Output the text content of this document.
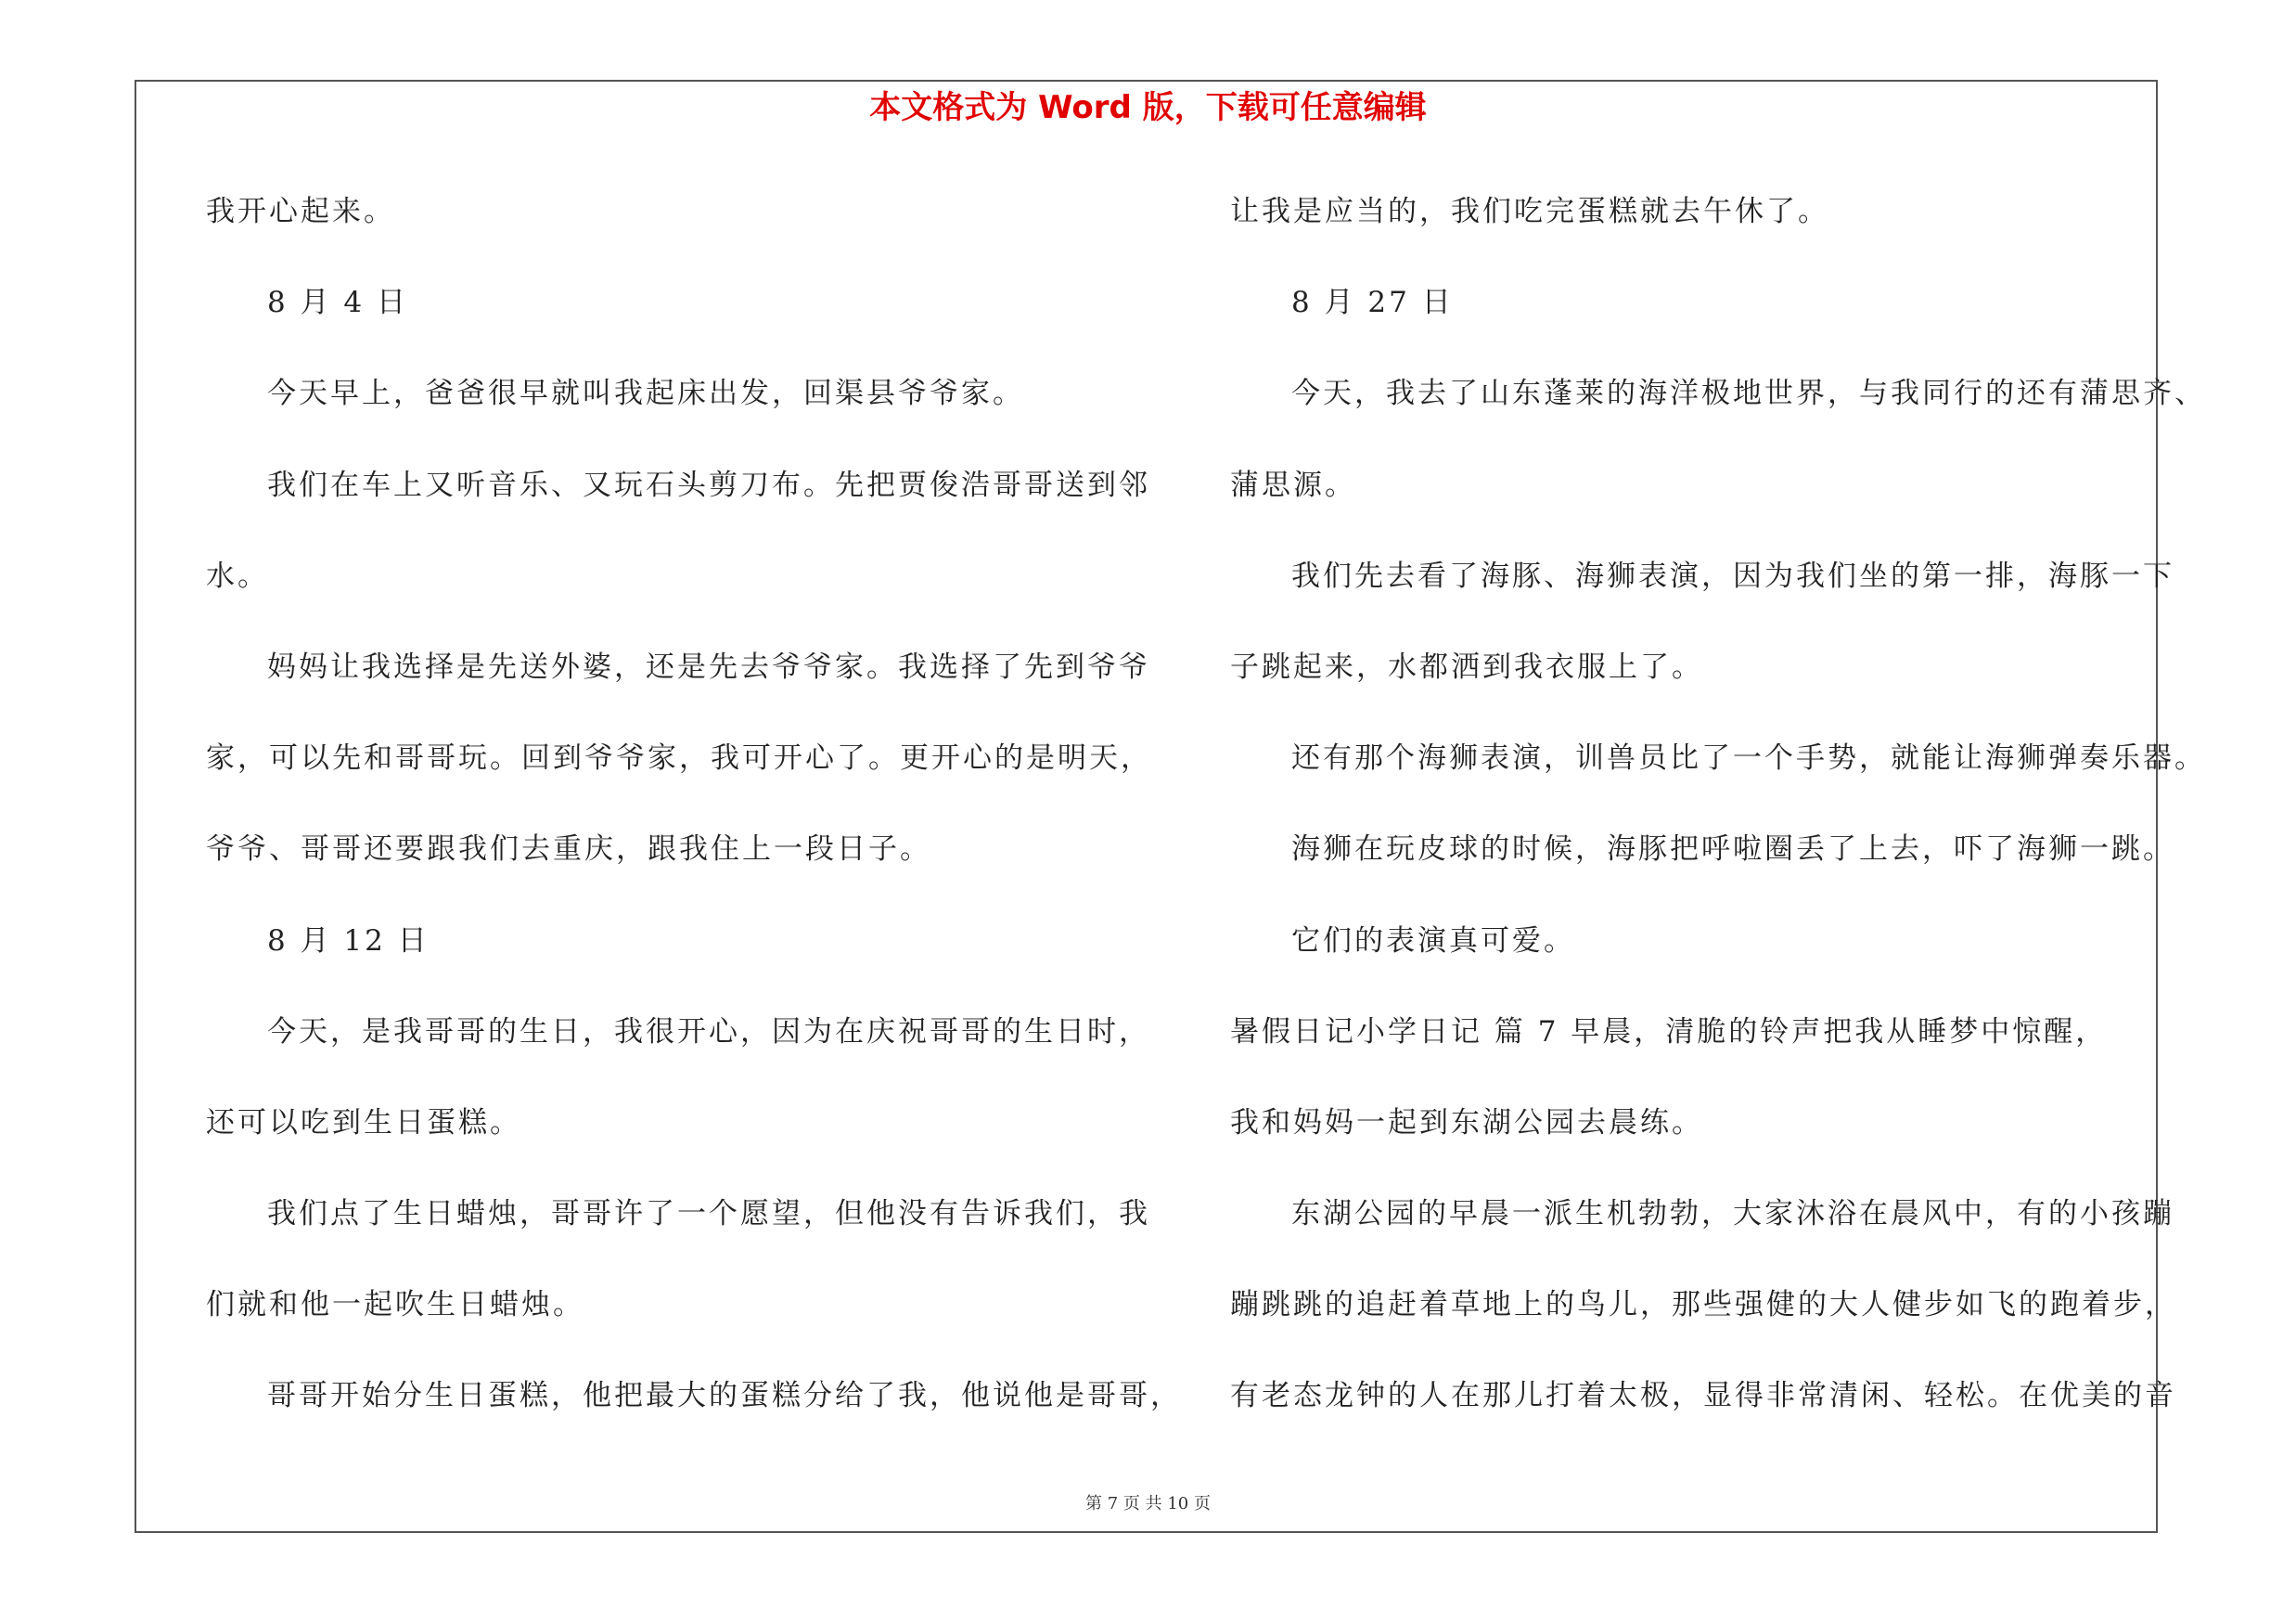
本文格式为 Word 版，下载可任意编辑
我开心起来。
8 月 4 日
今天早上，爸爸很早就叫我起床出发，回渠县爷爷家。
我们在车上又听音乐、又玩石头剪刀布。先把贾俊浩哥哥送到邻
水。
妈妈让我选择是先送外婆，还是先去爷爷家。我选择了先到爷爷
家，可以先和哥哥玩。回到爷爷家，我可开心了。更开心的是明天，
爷爷、哥哥还要跟我们去重庆，跟我住上一段日子。
8 月 12 日
今天，是我哥哥的生日，我很开心，因为在庆祝哥哥的生日时，
还可以吃到生日蛋糕。
我们点了生日蜡烛，哥哥许了一个愿望，但他没有告诉我们，我
们就和他一起吹生日蜡烛。
哥哥开始分生日蛋糕，他把最大的蛋糕分给了我，他说他是哥哥，
让我是应当的，我们吃完蛋糕就去午休了。
8 月 27 日
今天，我去了山东蓬莱的海洋极地世界，与我同行的还有蒲思齐、
蒲思源。
我们先去看了海豚、海狮表演，因为我们坐的第一排，海豚一下
子跳起来，水都洒到我衣服上了。
还有那个海狮表演，训兽员比了一个手势，就能让海狮弹奏乐器。
海狮在玩皮球的时候，海豚把呼啦圈丢了上去，吓了海狮一跳。
它们的表演真可爱。
暑假日记小学日记 篇 7 早晨，清脆的铃声把我从睡梦中惊醒，
我和妈妈一起到东湖公园去晨练。
东湖公园的早晨一派生机勃勃，大家沐浴在晨风中，有的小孩蹦
蹦跳跳的追赶着草地上的鸟儿，那些强健的大人健步如飞的跑着步，
有老态龙钟的人在那儿打着太极，显得非常清闲、轻松。在优美的音
第 7 页 共 10 页
